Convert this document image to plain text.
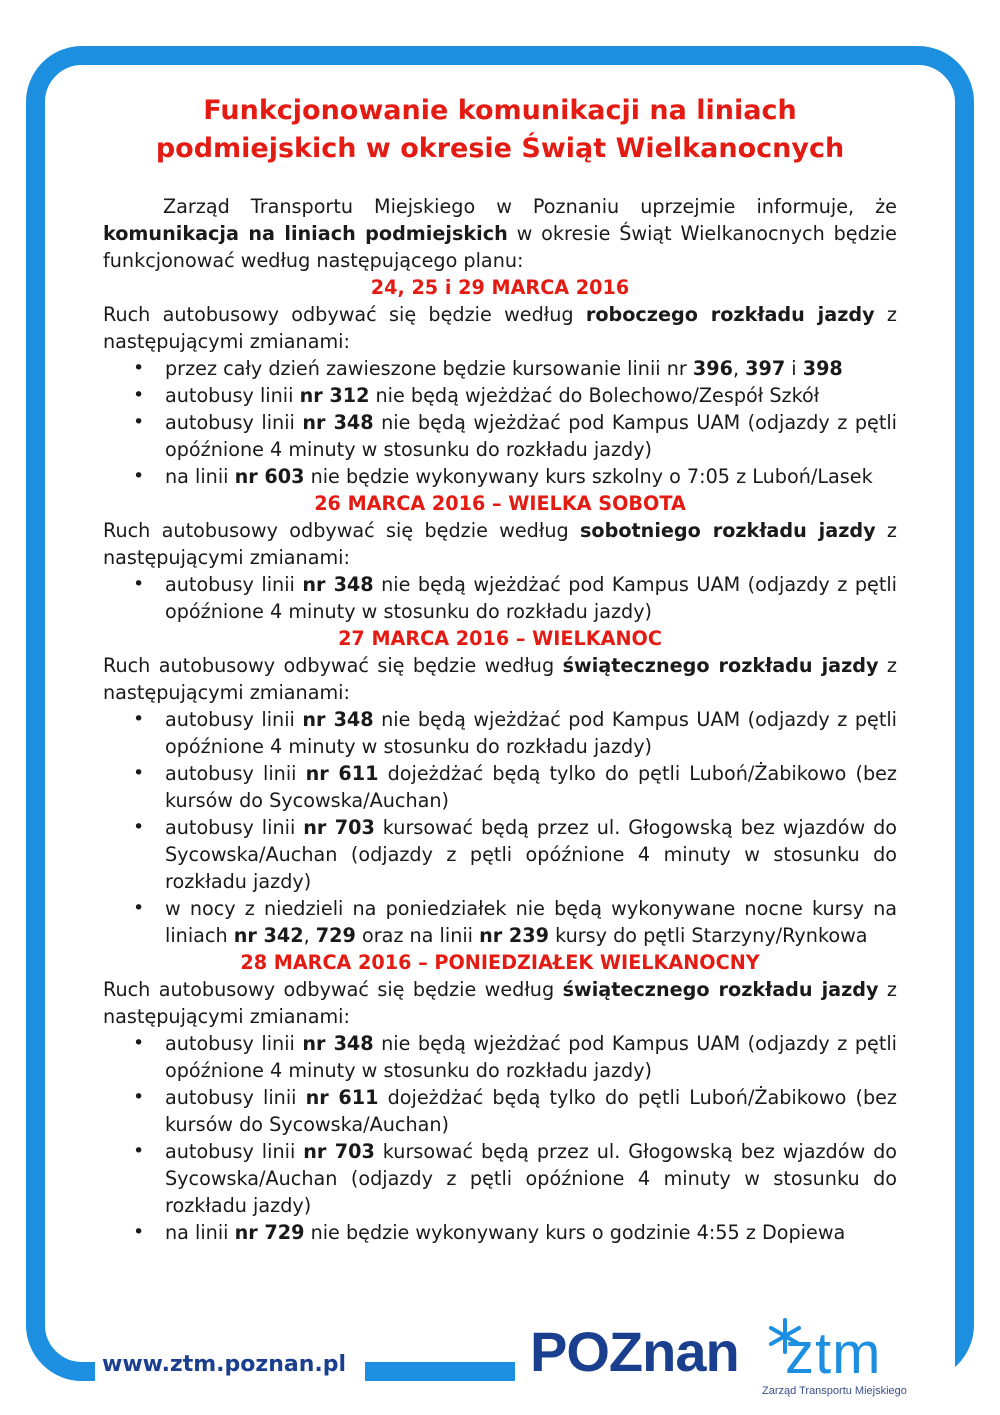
Funkcjonowanie komunikacji na liniach
podmiejskich w okresie Świąt Wielkanocnych

Zarząd Transportu Miejskiego w Poznaniu uprzejmie informuje, że komunikacja na liniach podmiejskich w okresie Świąt Wielkanocnych będzie funkcjonować według następującego planu:

24, 25 i 29 MARCA 2016

Ruch autobusowy odbywać się będzie według roboczego rozkładu jazdy z następującymi zmianami:

• przez cały dzień zawieszone będzie kursowanie linii nr 396, 397 i 398
• autobusy linii nr 312 nie będą wjeżdżać do Bolechowo/Zespół Szkół
• autobusy linii nr 348 nie będą wjeżdżać pod Kampus UAM (odjazdy z pętli opóźnione 4 minuty w stosunku do rozkładu jazdy)
• na linii nr 603 nie będzie wykonywany kurs szkolny o 7:05 z Luboń/Lasek
26 MARCA 2016 – WIELKA SOBOTA

Ruch autobusowy odbywać się będzie według sobotniego rozkładu jazdy z następującymi zmianami:

• autobusy linii nr 348 nie będą wjeżdżać pod Kampus UAM (odjazdy z pętli opóźnione 4 minuty w stosunku do rozkładu jazdy)
27 MARCA 2016 – WIELKANOC

Ruch autobusowy odbywać się będzie według świątecznego rozkładu jazdy z następującymi zmianami:

• autobusy linii nr 348 nie będą wjeżdżać pod Kampus UAM (odjazdy z pętli opóźnione 4 minuty w stosunku do rozkładu jazdy)
• autobusy linii nr 611 dojeżdżać będą tylko do pętli Luboń/Żabikowo (bez kursów do Sycowska/Auchan)
• autobusy linii nr 703 kursować będą przez ul. Głogowską bez wjazdów do Sycowska/Auchan (odjazdy z pętli opóźnione 4 minuty w stosunku do rozkładu jazdy)
• w nocy z niedzieli na poniedziałek nie będą wykonywane nocne kursy na liniach nr 342, 729 oraz na linii nr 239 kursy do pętli Starzyny/Rynkowa
28 MARCA 2016 – PONIEDZIAŁEK WIELKANOCNY

Ruch autobusowy odbywać się będzie według świątecznego rozkładu jazdy z następującymi zmianami:

• autobusy linii nr 348 nie będą wjeżdżać pod Kampus UAM (odjazdy z pętli opóźnione 4 minuty w stosunku do rozkładu jazdy)
• autobusy linii nr 611 dojeżdżać będą tylko do pętli Luboń/Żabikowo (bez kursów do Sycowska/Auchan)
• autobusy linii nr 703 kursować będą przez ul. Głogowską bez wjazdów do Sycowska/Auchan (odjazdy z pętli opóźnione 4 minuty w stosunku do rozkładu jazdy)
• na linii nr 729 nie będzie wykonywany kurs o godzinie 4:55 z Dopiewa
www.ztm.poznan.pl	POZnan ztm
Zarząd Transportu Miejskiego
